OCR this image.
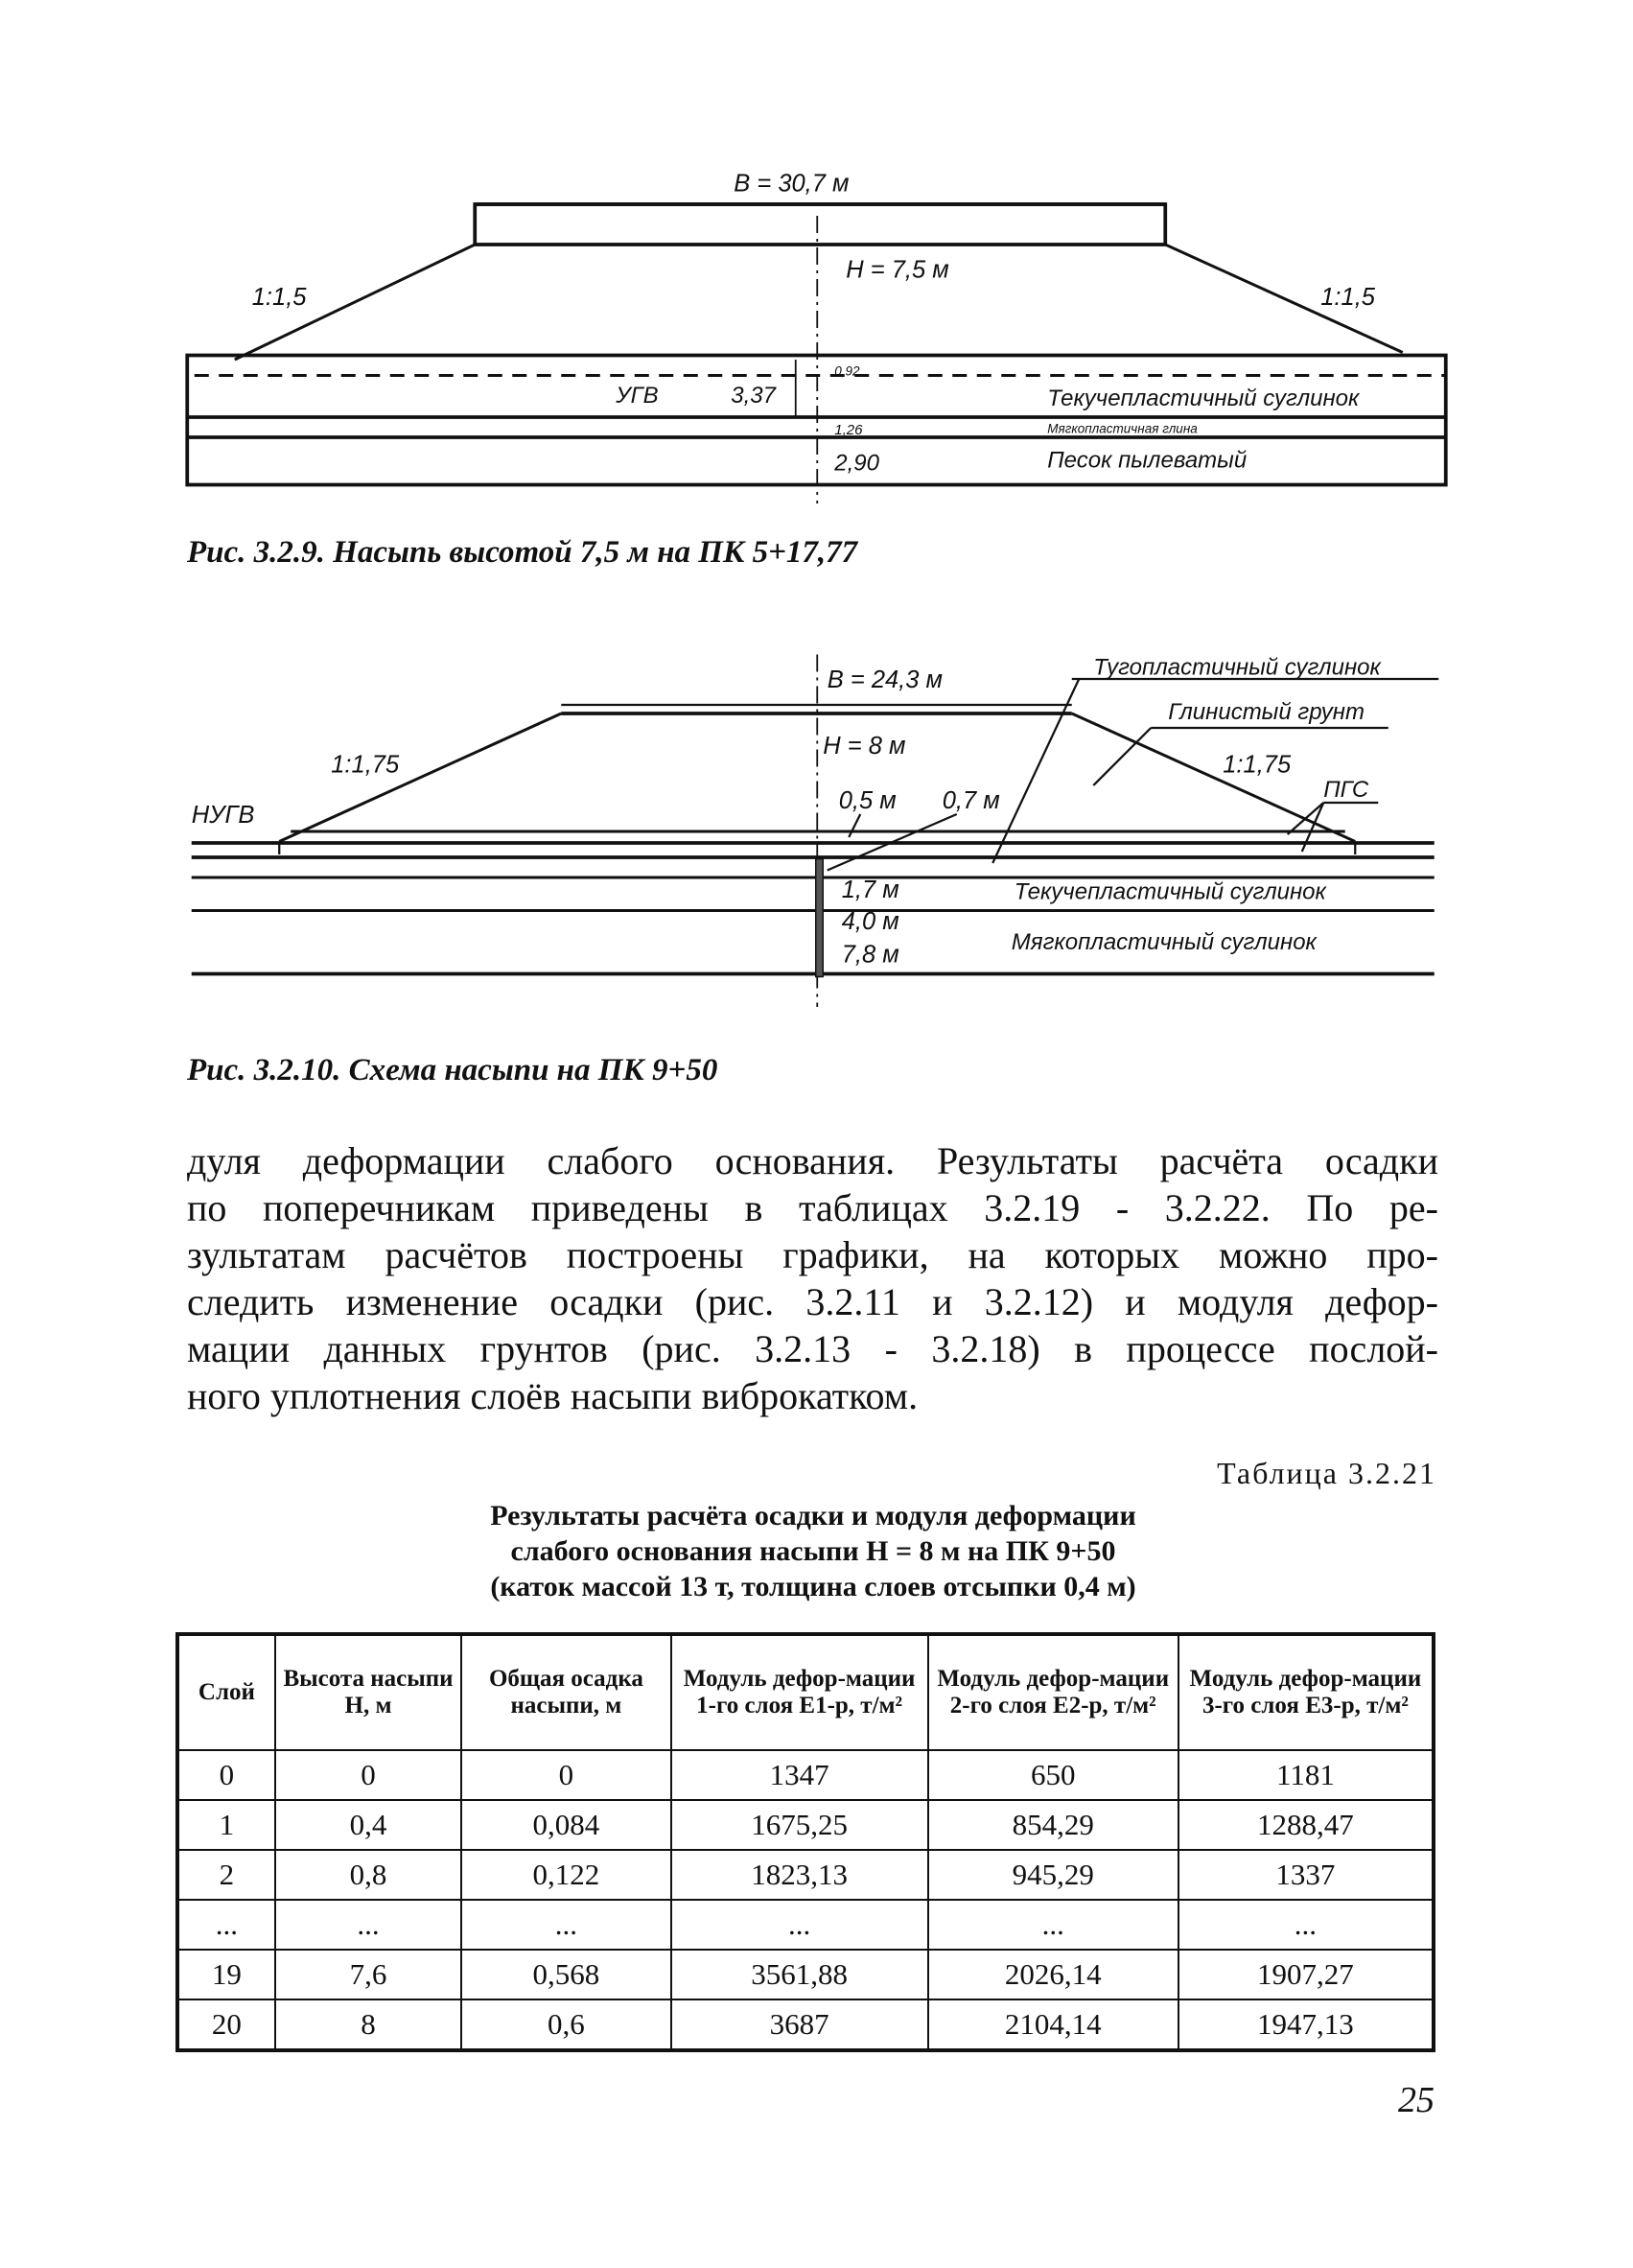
B = 30,7 м
H = 7,5 м
1:1,5	1:1,5
УГВ	3,37
0,92
1,26
2,90
Текучепластичный суглинок
Мягкопластичная глина
Песок пылеватый
B = 24,3 м
H = 8 м
1:1,75	1:1,75
НУГВ
0,5 м	0,7 м
1,7 м
4,0 м
7,8 м
Тугопластичный суглинок
Глинистый грунт
ПГС
Текучепластичный суглинок
Мягкопластичный суглинок
Рис. 3.2.9. Насыпь высотой 7,5 м на ПК 5+17,77
Рис. 3.2.10. Схема насыпи на ПК 9+50
дуля деформации слабого основания. Результаты расчёта осадки
по поперечникам приведены в таблицах 3.2.19 - 3.2.22. По ре-
зультатам расчётов построены графики, на которых можно про-
следить изменение осадки (рис. 3.2.11 и 3.2.12) и модуля дефор-
мации данных грунтов (рис. 3.2.13 - 3.2.18) в процессе послой-
ного уплотнения слоёв насыпи виброкатком.
Таблица 3.2.21
Результаты расчёта осадки и модуля деформации
слабого основания насыпи H = 8 м на ПК 9+50
(каток массой 13 т, толщина слоев отсыпки 0,4 м)
Слой	Высота насыпи H, м	Общая осадка насыпи, м	Модуль дефор-мации 1-го слоя E1-р, т/м²	Модуль дефор-мации 2-го слоя E2-р, т/м²	Модуль дефор-мации 3-го слоя E3-р, т/м²
0	0	0	1347	650	1181
1	0,4	0,084	1675,25	854,29	1288,47
2	0,8	0,122	1823,13	945,29	1337
...	...	...	...	...	...
19	7,6	0,568	3561,88	2026,14	1907,27
20	8	0,6	3687	2104,14	1947,13
25
